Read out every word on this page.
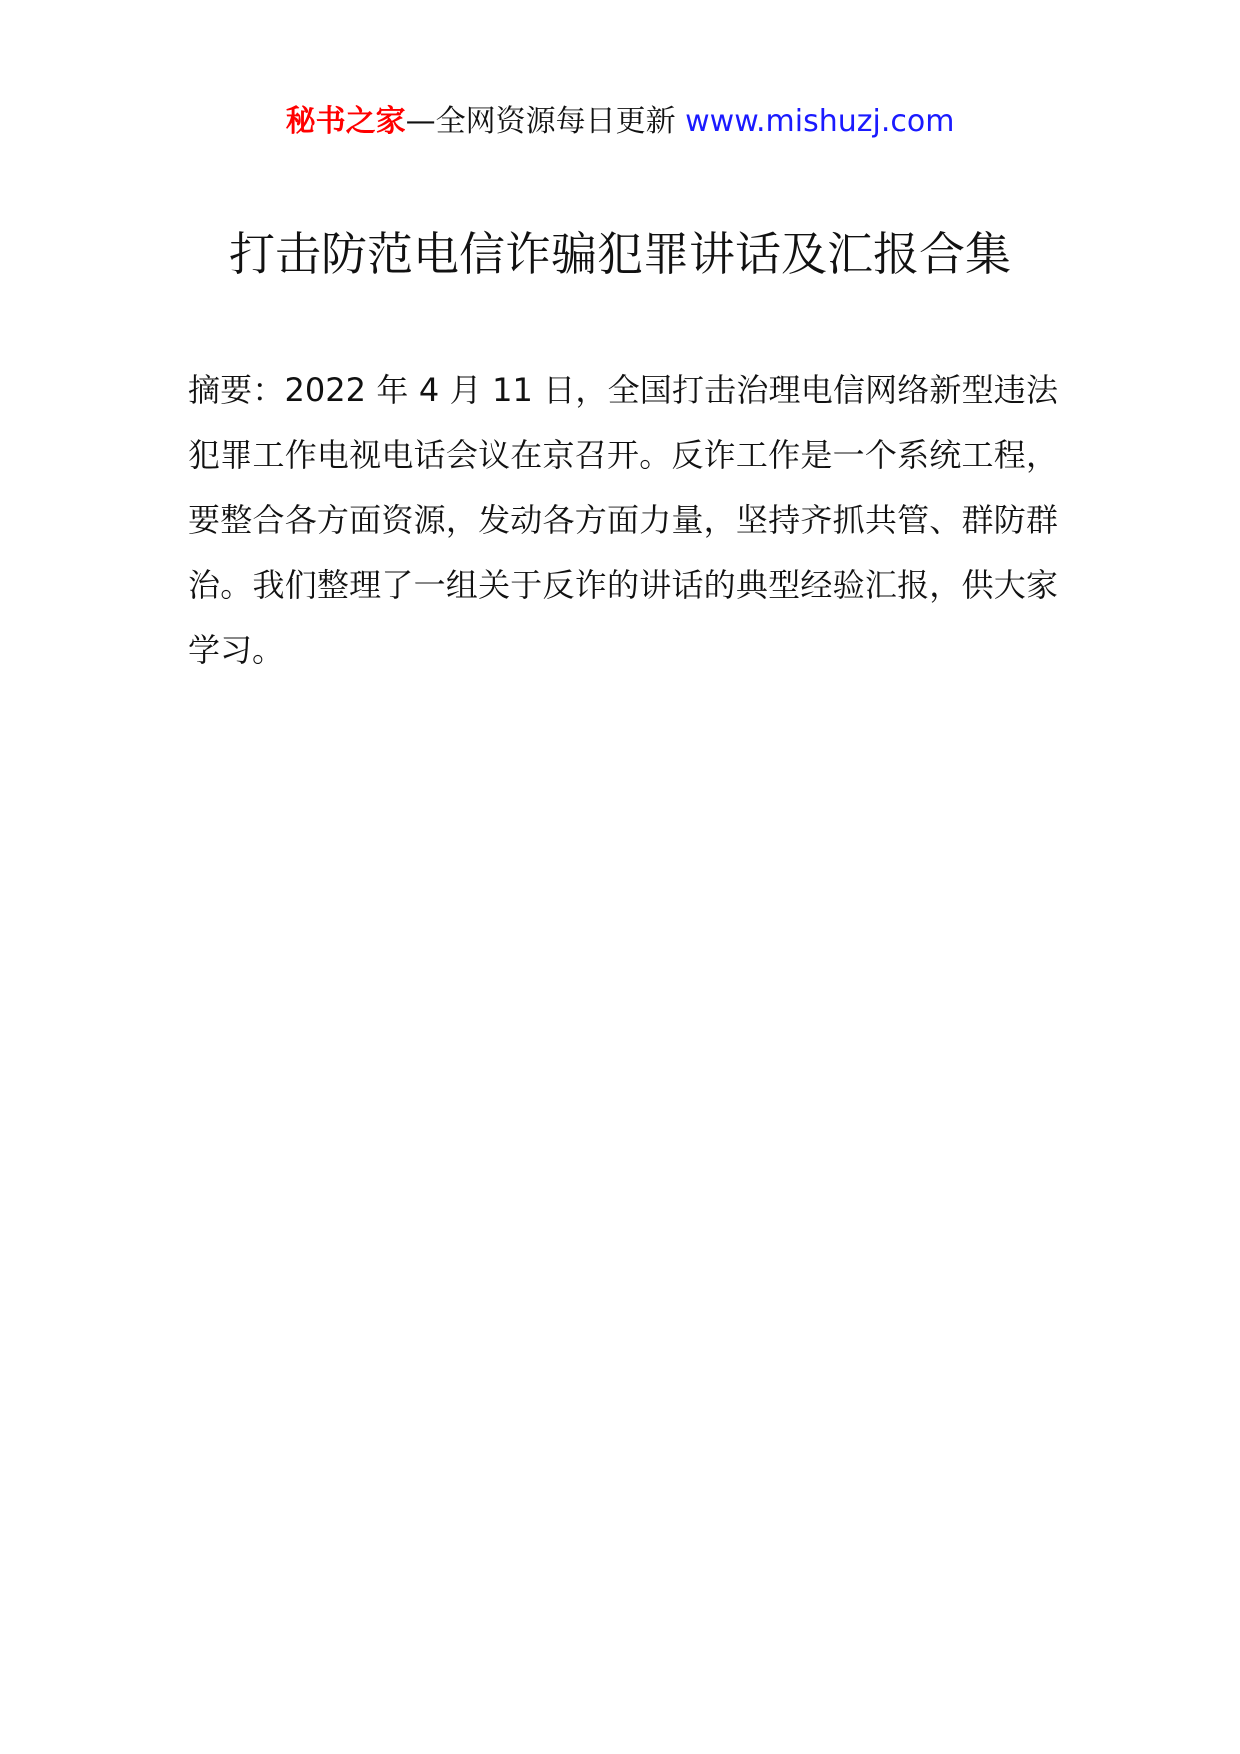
秘书之家—全网资源每日更新 www.mishuzj.com
打击防范电信诈骗犯罪讲话及汇报合集

摘要：2022 年 4 月 11 日，全国打击治理电信网络新型违法犯罪工作电视电话会议在京召开。反诈工作是一个系统工程，要整合各方面资源，发动各方面力量，坚持齐抓共管、群防群治。我们整理了一组关于反诈的讲话的典型经验汇报，供大家学习。
